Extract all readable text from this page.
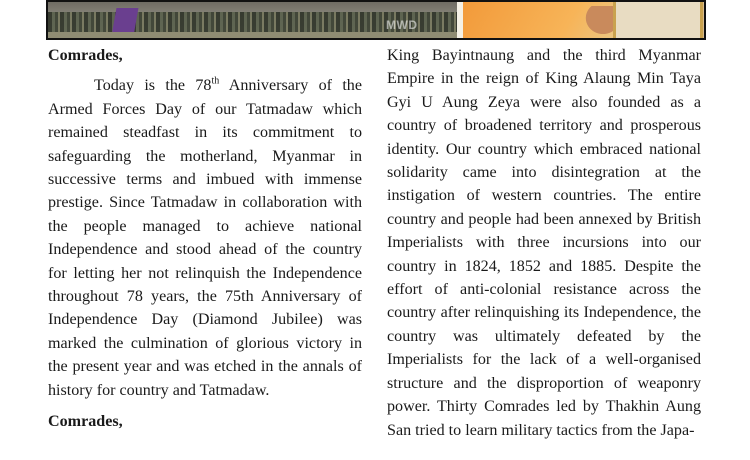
MWD

Comrades,

Today is the 78th Anniversary of the Armed Forces Day of our Tatmadaw which remained steadfast in its commitment to safeguarding the motherland, Myanmar in successive terms and imbued with immense prestige. Since Tatmadaw in collaboration with the people managed to achieve national Independence and stood ahead of the country for letting her not relinquish the Independence throughout 78 years, the 75th Anniversary of Independence Day (Diamond Jubilee) was marked the culmination of glorious victory in the present year and was etched in the annals of history for country and Tatmadaw.

Comrades,

King Bayintnaung and the third Myanmar Empire in the reign of King Alaung Min Taya Gyi U Aung Zeya were also founded as a country of broadened territory and prosperous identity. Our country which embraced national solidarity came into disintegration at the instigation of western countries. The entire country and people had been annexed by British Imperialists with three incursions into our country in 1824, 1852 and 1885. Despite the effort of anti-colonial resistance across the country after relinquishing its Independence, the country was ultimately defeated by the Imperialists for the lack of a well-organised structure and the disproportion of weaponry power. Thirty Comrades led by Thakhin Aung San tried to learn military tactics from the Japa-
